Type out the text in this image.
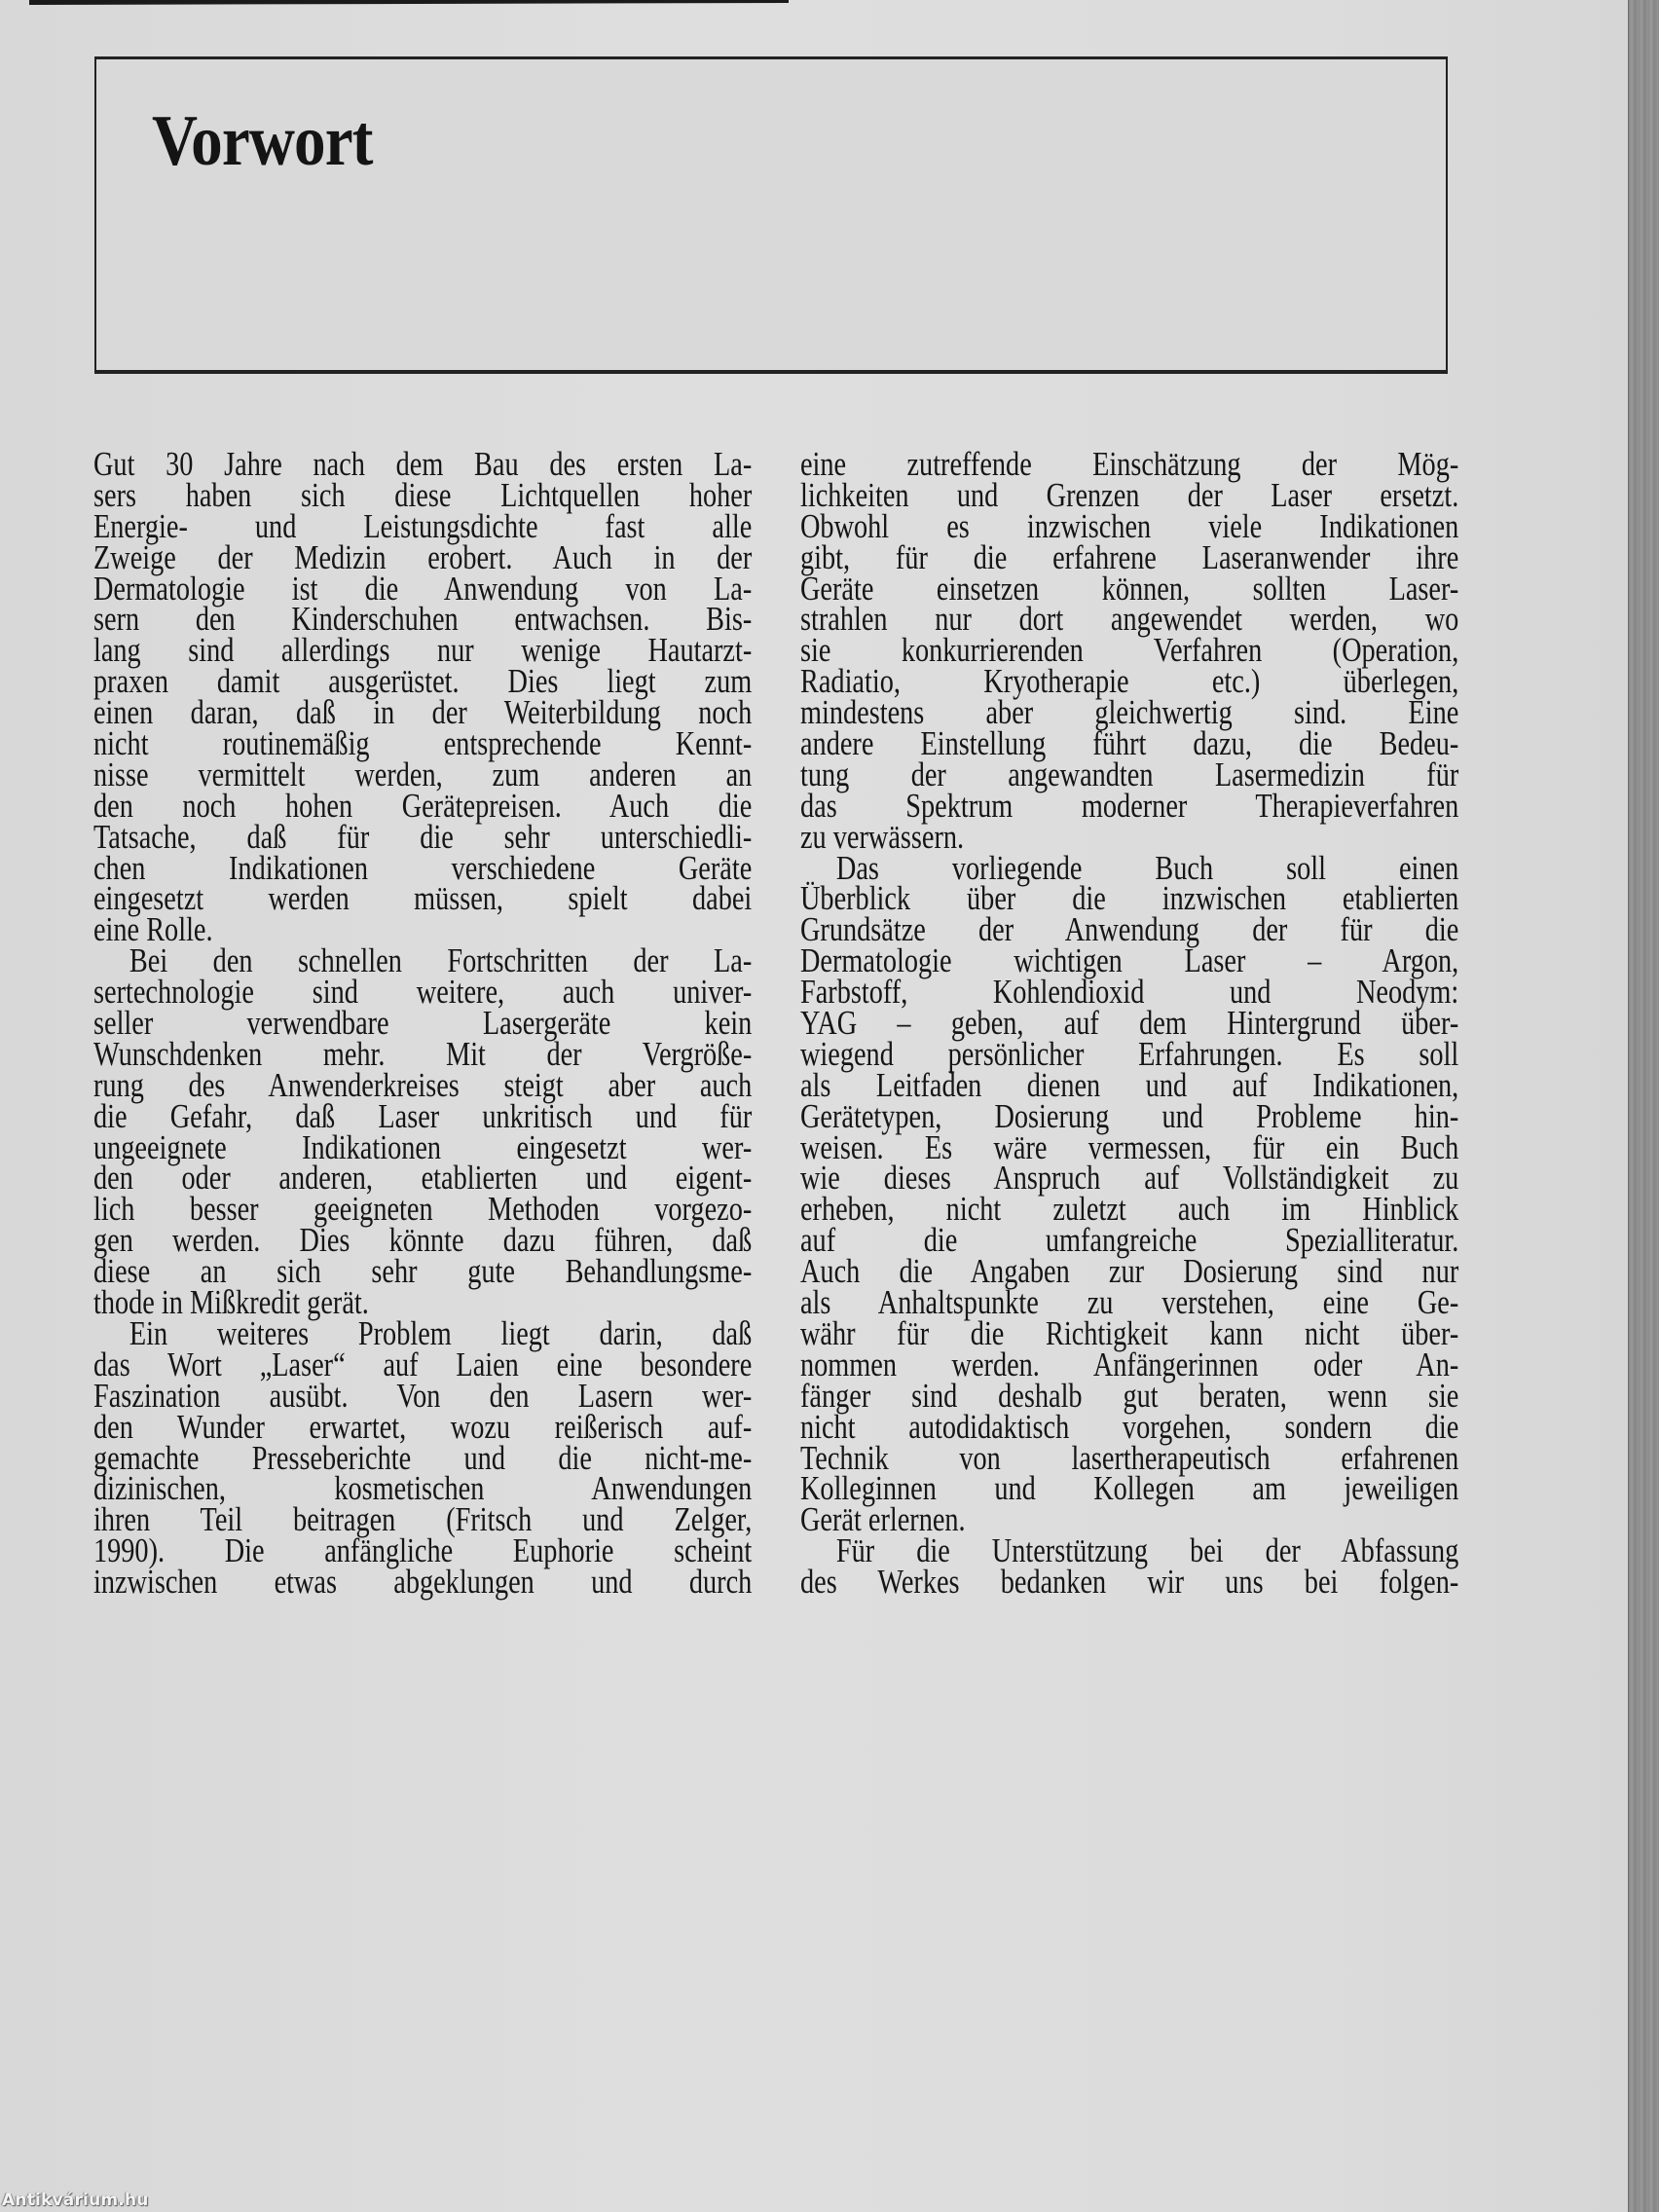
Vorwort
Gut 30 Jahre nach dem Bau des ersten La-
sers haben sich diese Lichtquellen hoher
Energie- und Leistungsdichte fast alle
Zweige der Medizin erobert. Auch in der
Dermatologie ist die Anwendung von La-
sern den Kinderschuhen entwachsen. Bis-
lang sind allerdings nur wenige Hautarzt-
praxen damit ausgerüstet. Dies liegt zum
einen daran, daß in der Weiterbildung noch
nicht routinemäßig entsprechende Kennt-
nisse vermittelt werden, zum anderen an
den noch hohen Gerätepreisen. Auch die
Tatsache, daß für die sehr unterschiedli-
chen Indikationen verschiedene Geräte
eingesetzt werden müssen, spielt dabei
eine Rolle.
Bei den schnellen Fortschritten der La-
sertechnologie sind weitere, auch univer-
seller verwendbare Lasergeräte kein
Wunschdenken mehr. Mit der Vergröße-
rung des Anwenderkreises steigt aber auch
die Gefahr, daß Laser unkritisch und für
ungeeignete Indikationen eingesetzt wer-
den oder anderen, etablierten und eigent-
lich besser geeigneten Methoden vorgezo-
gen werden. Dies könnte dazu führen, daß
diese an sich sehr gute Behandlungsme-
thode in Mißkredit gerät.
Ein weiteres Problem liegt darin, daß
das Wort „Laser“ auf Laien eine besondere
Faszination ausübt. Von den Lasern wer-
den Wunder erwartet, wozu reißerisch auf-
gemachte Presseberichte und die nicht-me-
dizinischen, kosmetischen Anwendungen
ihren Teil beitragen (Fritsch und Zelger,
1990). Die anfängliche Euphorie scheint
inzwischen etwas abgeklungen und durch
eine zutreffende Einschätzung der Mög-
lichkeiten und Grenzen der Laser ersetzt.
Obwohl es inzwischen viele Indikationen
gibt, für die erfahrene Laseranwender ihre
Geräte einsetzen können, sollten Laser-
strahlen nur dort angewendet werden, wo
sie konkurrierenden Verfahren (Operation,
Radiatio, Kryotherapie etc.) überlegen,
mindestens aber gleichwertig sind. Eine
andere Einstellung führt dazu, die Bedeu-
tung der angewandten Lasermedizin für
das Spektrum moderner Therapieverfahren
zu verwässern.
Das vorliegende Buch soll einen
Überblick über die inzwischen etablierten
Grundsätze der Anwendung der für die
Dermatologie wichtigen Laser – Argon,
Farbstoff, Kohlendioxid und Neodym:
YAG – geben, auf dem Hintergrund über-
wiegend persönlicher Erfahrungen. Es soll
als Leitfaden dienen und auf Indikationen,
Gerätetypen, Dosierung und Probleme hin-
weisen. Es wäre vermessen, für ein Buch
wie dieses Anspruch auf Vollständigkeit zu
erheben, nicht zuletzt auch im Hinblick
auf die umfangreiche Spezialliteratur.
Auch die Angaben zur Dosierung sind nur
als Anhaltspunkte zu verstehen, eine Ge-
währ für die Richtigkeit kann nicht über-
nommen werden. Anfängerinnen oder An-
fänger sind deshalb gut beraten, wenn sie
nicht autodidaktisch vorgehen, sondern die
Technik von lasertherapeutisch erfahrenen
Kolleginnen und Kollegen am jeweiligen
Gerät erlernen.
Für die Unterstützung bei der Abfassung
des Werkes bedanken wir uns bei folgen-
Antikvárium.hu
